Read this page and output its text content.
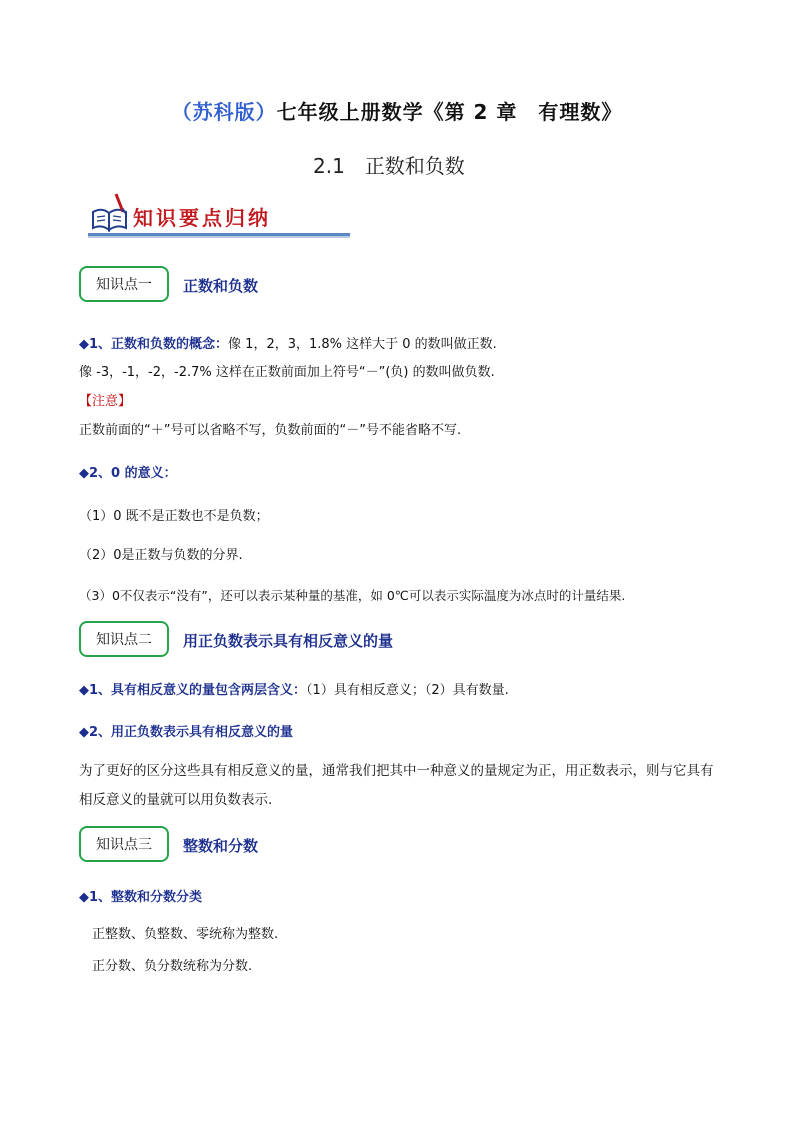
（苏科版）七年级上册数学《第 2 章　有理数》
2.1 正数和负数
知识要点归纳
知识点一	正数和负数
◆1、正数和负数的概念：像 1，2，3，1.8% 这样大于 0 的数叫做正数.
像 -3，-1，-2，-2.7% 这样在正数前面加上符号“－”(负) 的数叫做负数.
【注意】
正数前面的“＋”号可以省略不写，负数前面的“－”号不能省略不写.
◆2、0 的意义：
（1）0 既不是正数也不是负数；
（2）0是正数与负数的分界.
（3）0不仅表示“没有”，还可以表示某种量的基准，如 0℃可以表示实际温度为冰点时的计量结果.
知识点二	用正负数表示具有相反意义的量
◆1、具有相反意义的量包含两层含义：（1）具有相反意义；（2）具有数量.
◆2、用正负数表示具有相反意义的量
为了更好的区分这些具有相反意义的量，通常我们把其中一种意义的量规定为正，用正数表示，则与它具有相反意义的量就可以用负数表示.
知识点三	整数和分数
◆1、整数和分数分类
正整数、负整数、零统称为整数.
正分数、负分数统称为分数.
